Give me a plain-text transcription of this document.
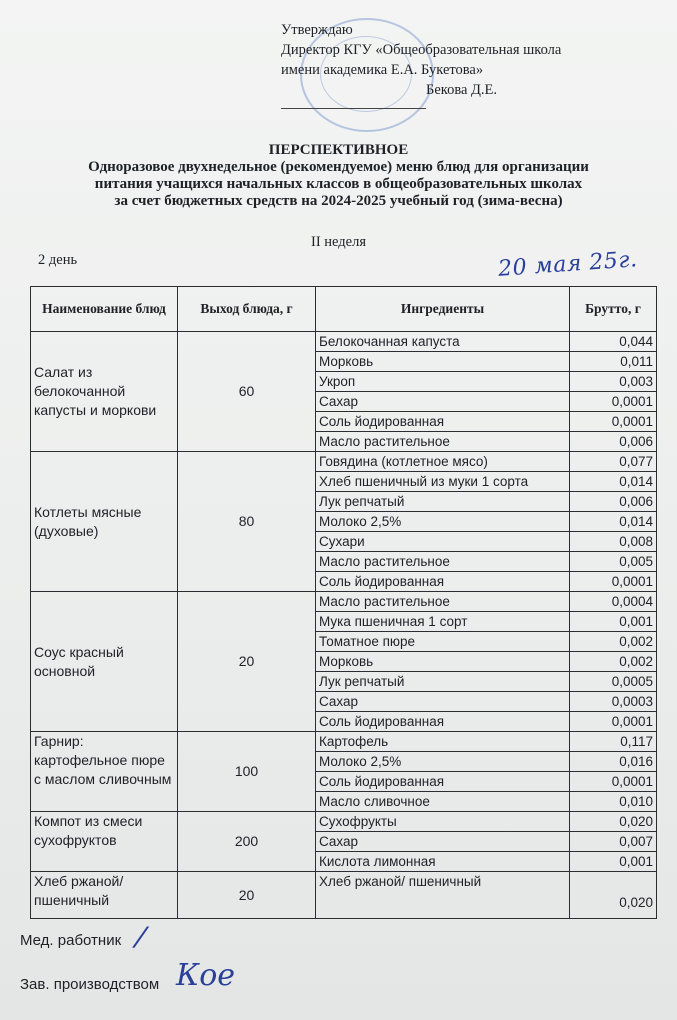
Утверждаю
Директор КГУ «Общеобразовательная школа
имени академика Е.А. Букетова»
Бекова Д.Е.
ПЕРСПЕКТИВНОЕ
Одноразовое двухнедельное (рекомендуемое) меню блюд для организации
питания учащихся начальных классов в общеобразовательных школах
за счет бюджетных средств на 2024-2025 учебный год (зима-весна)
II неделя
2 день	20 мая 25г.
Наименование блюд	Выход блюда, г	Ингредиенты	Брутто, г
Салат из белокочанной капусты и моркови	60	Белокочанная капуста	0,044
		Морковь	0,011
		Укроп	0,003
		Сахар	0,0001
		Соль йодированная	0,0001
		Масло растительное	0,006
Котлеты мясные (духовые)	80	Говядина (котлетное мясо)	0,077
		Хлеб пшеничный из муки 1 сорта	0,014
		Лук репчатый	0,006
		Молоко 2,5%	0,014
		Сухари	0,008
		Масло растительное	0,005
		Соль йодированная	0,0001
Соус красный основной	20	Масло растительное	0,0004
		Мука пшеничная 1 сорт	0,001
		Томатное пюре	0,002
		Морковь	0,002
		Лук репчатый	0,0005
		Сахар	0,0003
		Соль йодированная	0,0001
Гарнир: картофельное пюре с маслом сливочным	100	Картофель	0,117
		Молоко 2,5%	0,016
		Соль йодированная	0,0001
		Масло сливочное	0,010
Компот из смеси сухофруктов	200	Сухофрукты	0,020
		Сахар	0,007
		Кислота лимонная	0,001
Хлеб ржаной/ пшеничный	20	Хлеб ржаной/ пшеничный	0,020
Мед. работник /
Зав. производством Кое
